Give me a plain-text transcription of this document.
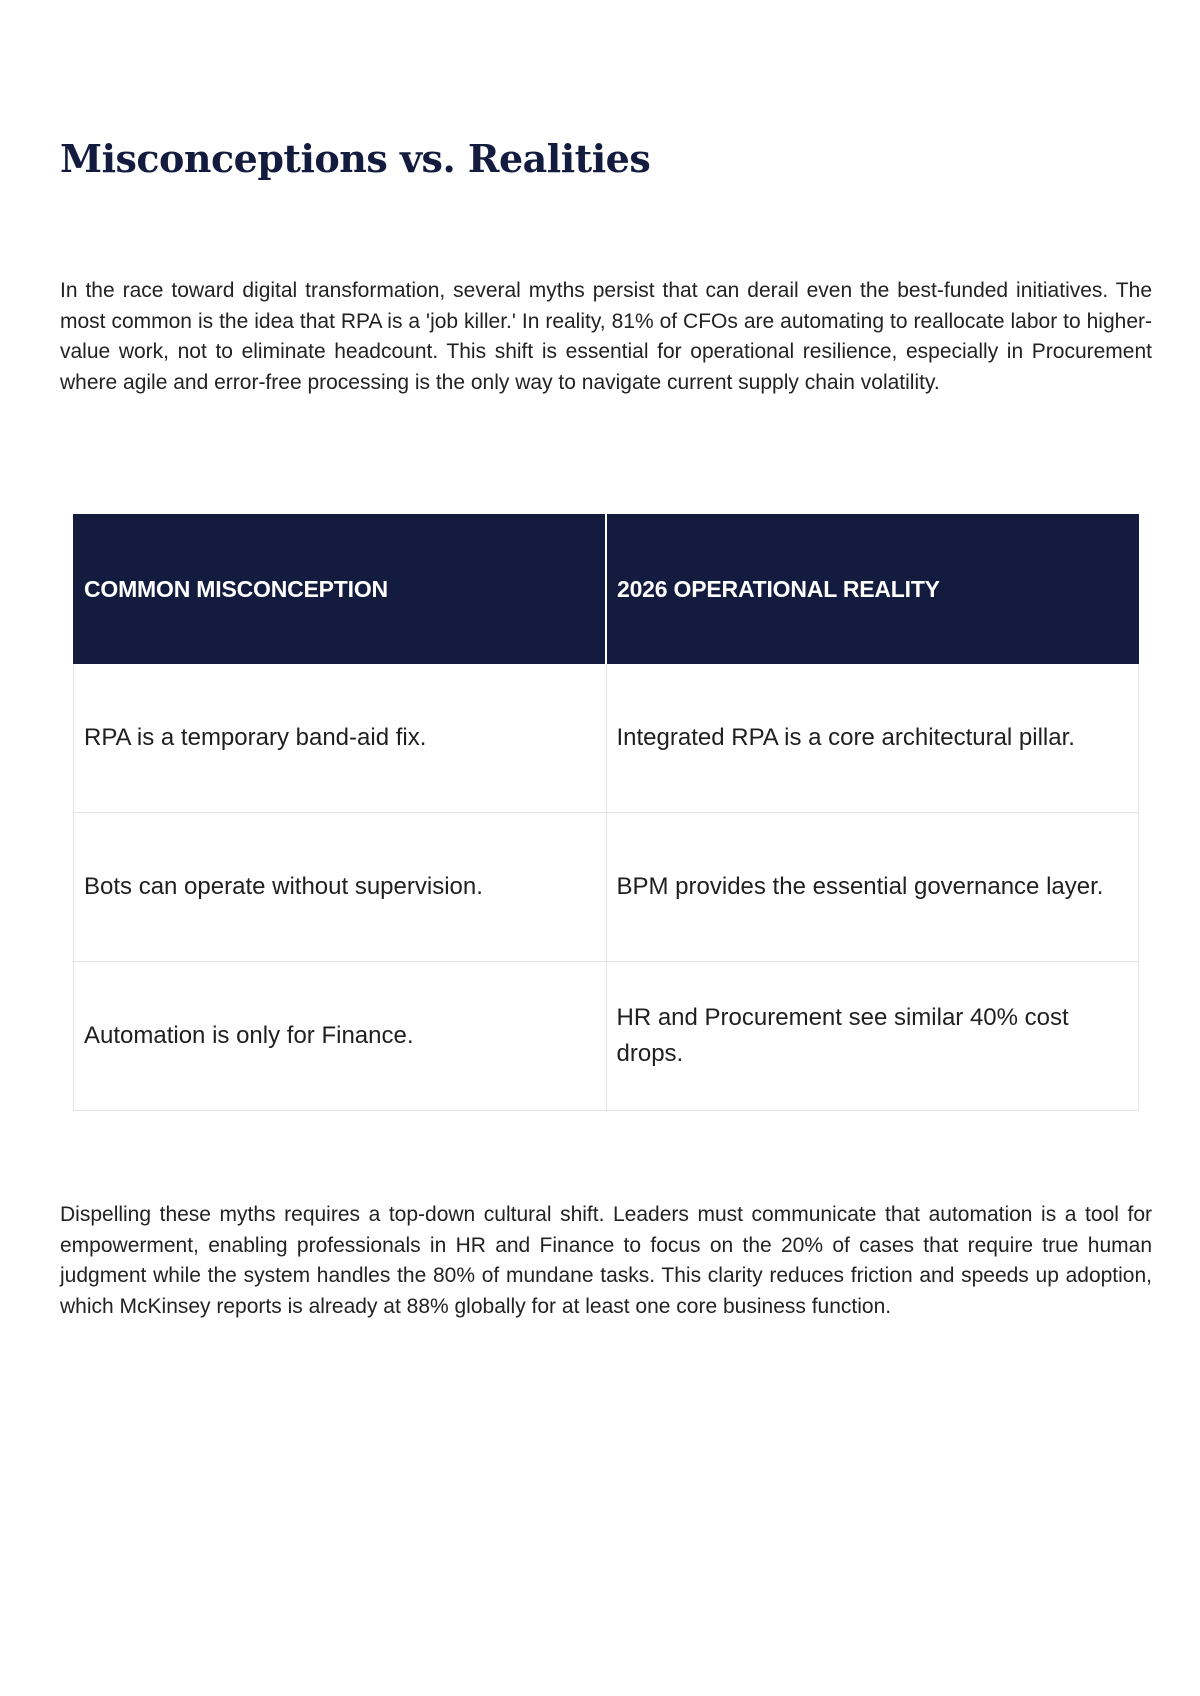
Misconceptions vs. Realities

In the race toward digital transformation, several myths persist that can derail even the best-funded initiatives. The most common is the idea that RPA is a 'job killer.' In reality, 81% of CFOs are automating to reallocate labor to higher-value work, not to eliminate headcount. This shift is essential for operational resilience, especially in Procurement where agile and error-free processing is the only way to navigate current supply chain volatility.

COMMON MISCONCEPTION	2026 OPERATIONAL REALITY
RPA is a temporary band-aid fix.	Integrated RPA is a core architectural pillar.
Bots can operate without supervision.	BPM provides the essential governance layer.
Automation is only for Finance.	HR and Procurement see similar 40% cost drops.

Dispelling these myths requires a top-down cultural shift. Leaders must communicate that automation is a tool for empowerment, enabling professionals in HR and Finance to focus on the 20% of cases that require true human judgment while the system handles the 80% of mundane tasks. This clarity reduces friction and speeds up adoption, which McKinsey reports is already at 88% globally for at least one core business function.
